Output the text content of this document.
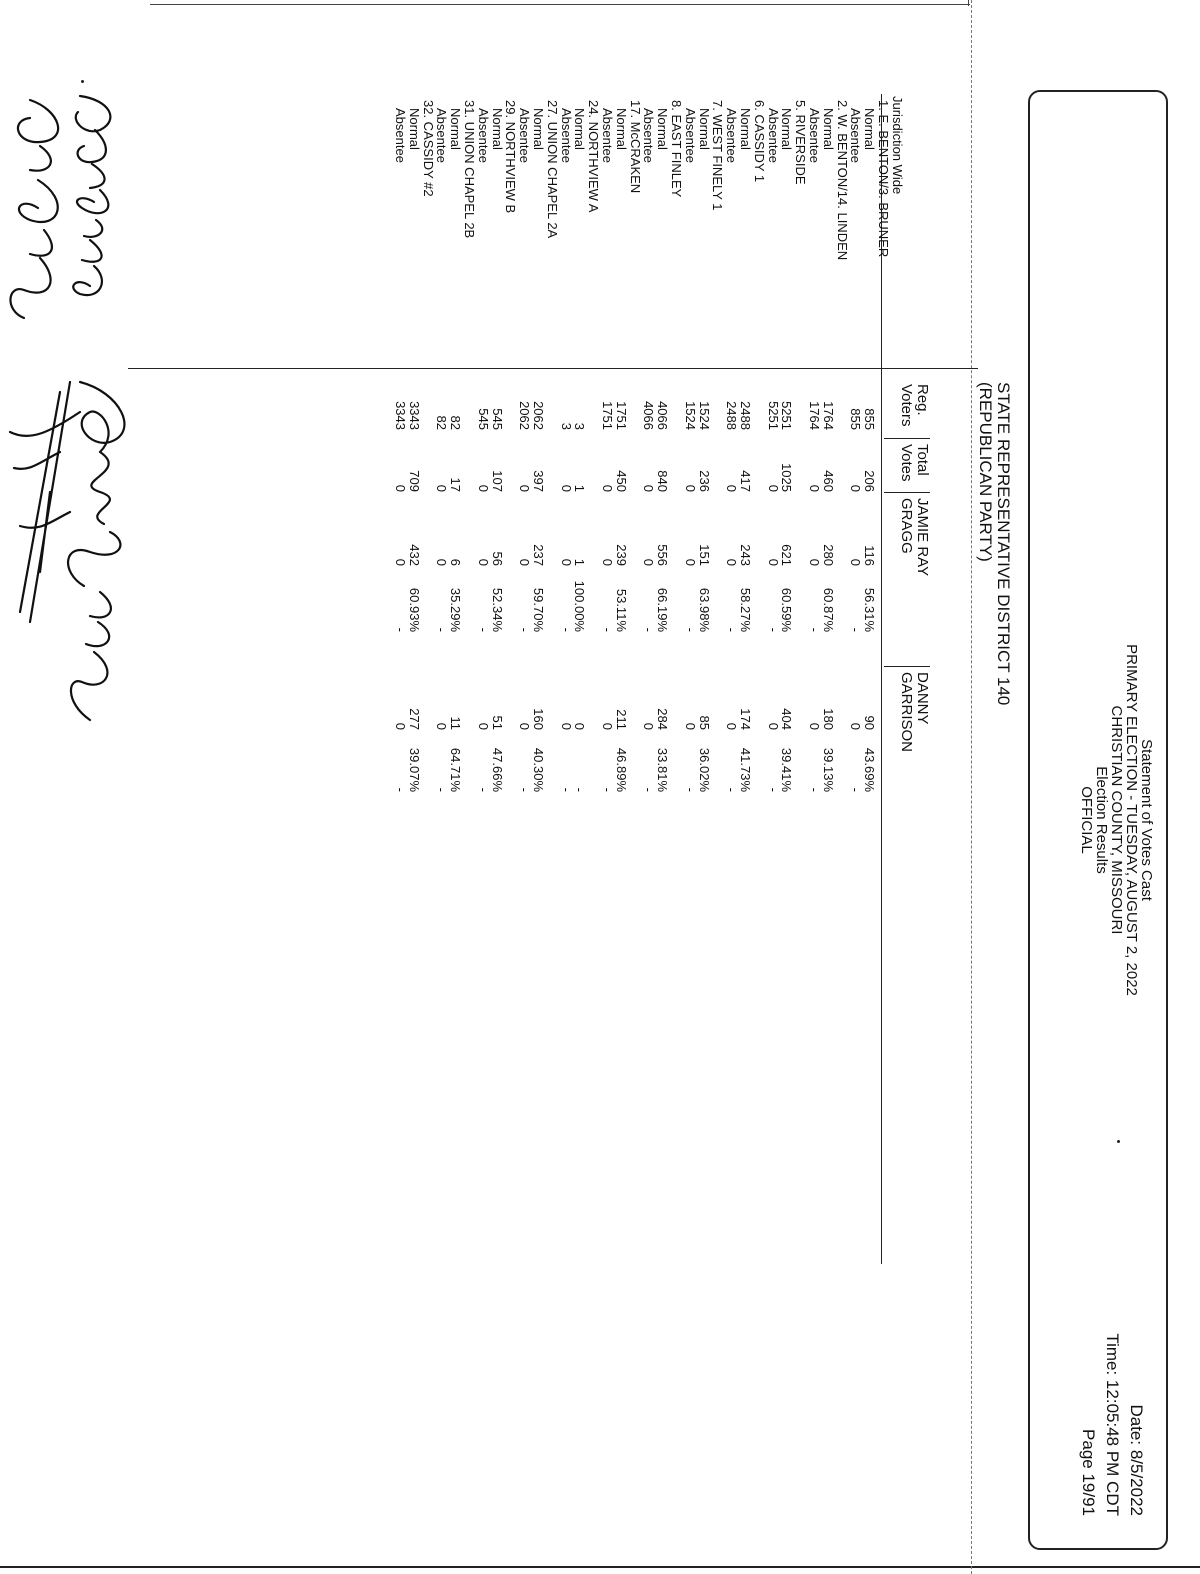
Statement of Votes Cast
PRIMARY ELECTION - TUESDAY, AUGUST 2, 2022
CHRISTIAN COUNTY, MISSOURI
Election Results
OFFICIAL
Date: 8/5/2022
Time: 12:05:48 PM CDT
Page 19/91
STATE REPRESENTATIVE DISTRICT 140
(REPUBLICAN PARTY)
Reg.
Voters
Total
Votes
JAMIE RAY
GRAGG
DANNY
GARRISON
Jurisdiction Wide
1. E. BENTON/3. BRUNER
Normal
855
206
116
56.31%
90
43.69%
Absentee
855
0
0
-
0
-
2. W. BENTON/14. LINDEN
Normal
1764
460
280
60.87%
180
39.13%
Absentee
1764
0
0
-
0
-
5. RIVERSIDE
Normal
5251
1025
621
60.59%
404
39.41%
Absentee
5251
0
0
-
0
-
6. CASSIDY 1
Normal
2488
417
243
58.27%
174
41.73%
Absentee
2488
0
0
-
0
-
7. WEST FINELY 1
Normal
1524
236
151
63.98%
85
36.02%
Absentee
1524
0
0
-
0
-
8. EAST FINLEY
Normal
4066
840
556
66.19%
284
33.81%
Absentee
4066
0
0
-
0
-
17. McCRAKEN
Normal
1751
450
239
53.11%
211
46.89%
Absentee
1751
0
0
-
0
-
24. NORTHVIEW A
Normal
3
1
1
100.00%
0
-
Absentee
3
0
0
-
0
-
27. UNION CHAPEL 2A
Normal
2062
397
237
59.70%
160
40.30%
Absentee
2062
0
0
-
0
-
29. NORTHVIEW B
Normal
545
107
56
52.34%
51
47.66%
Absentee
545
0
0
-
0
-
31. UNION CHAPEL 2B
Normal
82
17
6
35.29%
11
64.71%
Absentee
82
0
0
-
0
-
32. CASSIDY #2
Normal
3343
709
432
60.93%
277
39.07%
Absentee
3343
0
0
-
0
-
